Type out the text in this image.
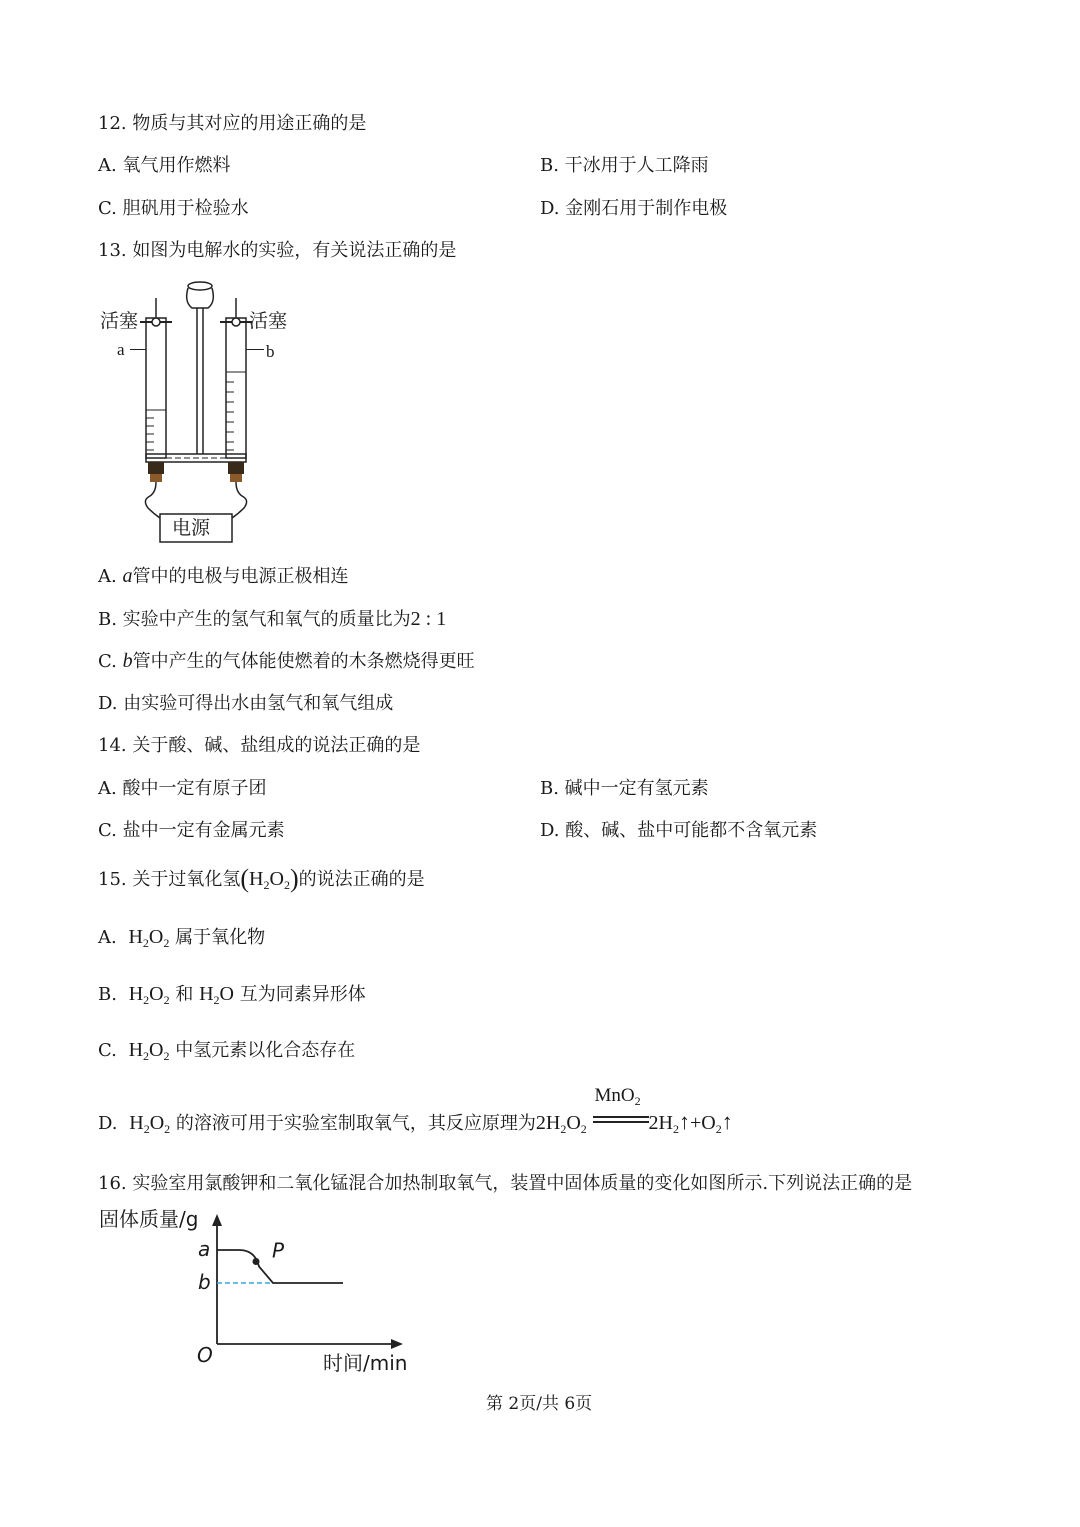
12. 物质与其对应的用途正确的是
A. 氧气用作燃料	B. 干冰用于人工降雨
C. 胆矾用于检验水	D. 金刚石用于制作电极
13. 如图为电解水的实验，有关说法正确的是
活塞	活塞
a	b
电源
A. a管中的电极与电源正极相连
B. 实验中产生的氢气和氧气的质量比为2 : 1
C. b管中产生的气体能使燃着的木条燃烧得更旺
D. 由实验可得出水由氢气和氧气组成
14. 关于酸、碱、盐组成的说法正确的是
A. 酸中一定有原子团	B. 碱中一定有氢元素
C. 盐中一定有金属元素	D. 酸、碱、盐中可能都不含氧元素
15. 关于过氧化氢$(H_2O_2)$的说法正确的是
A. $H_2O_2$ 属于氧化物
B. $H_2O_2$ 和 $H_2O$ 互为同素异形体
C. $H_2O_2$ 中氢元素以化合态存在
D. $H_2O_2$ 的溶液可用于实验室制取氧气，其反应原理为$2H_2O_2$
MnO$_2$
$2H_2↑+O_2↑$
16. 实验室用氯酸钾和二氧化锰混合加热制取氧气，装置中固体质量的变化如图所示.下列说法正确的是
固体质量/g
时间/min
O
a
b
P
第 2页/共 6页
